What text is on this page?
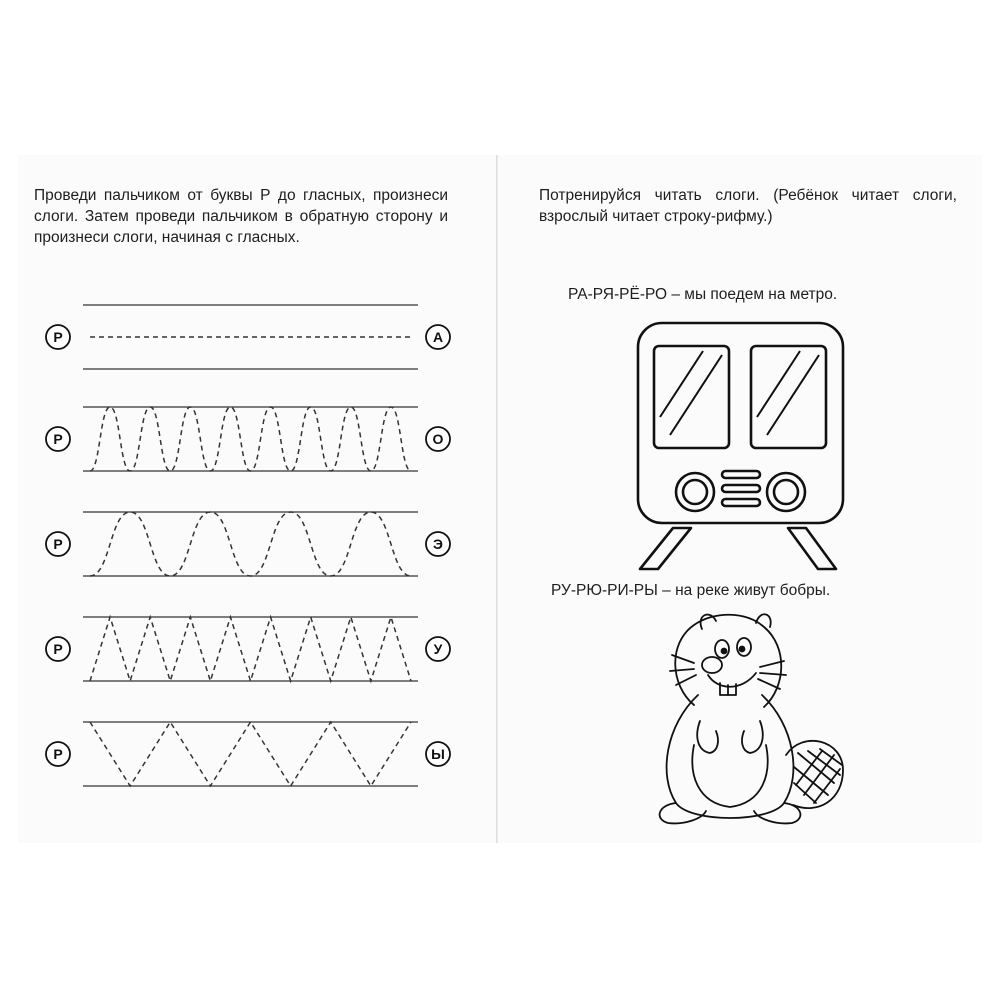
Проведи пальчиком от буквы Р до гласных, произнеси слоги. Затем проведи пальчиком в обратную сторону и произнеси слоги, начиная с гласных.
Р	А
Р	О
Р	Э
Р	У
Р	Ы
Потренируйся читать слоги. (Ребёнок читает слоги, взрослый читает строку-рифму.)
РА-РЯ-РЁ-РО – мы поедем на метро.
РУ-РЮ-РИ-РЫ – на реке живут бобры.
